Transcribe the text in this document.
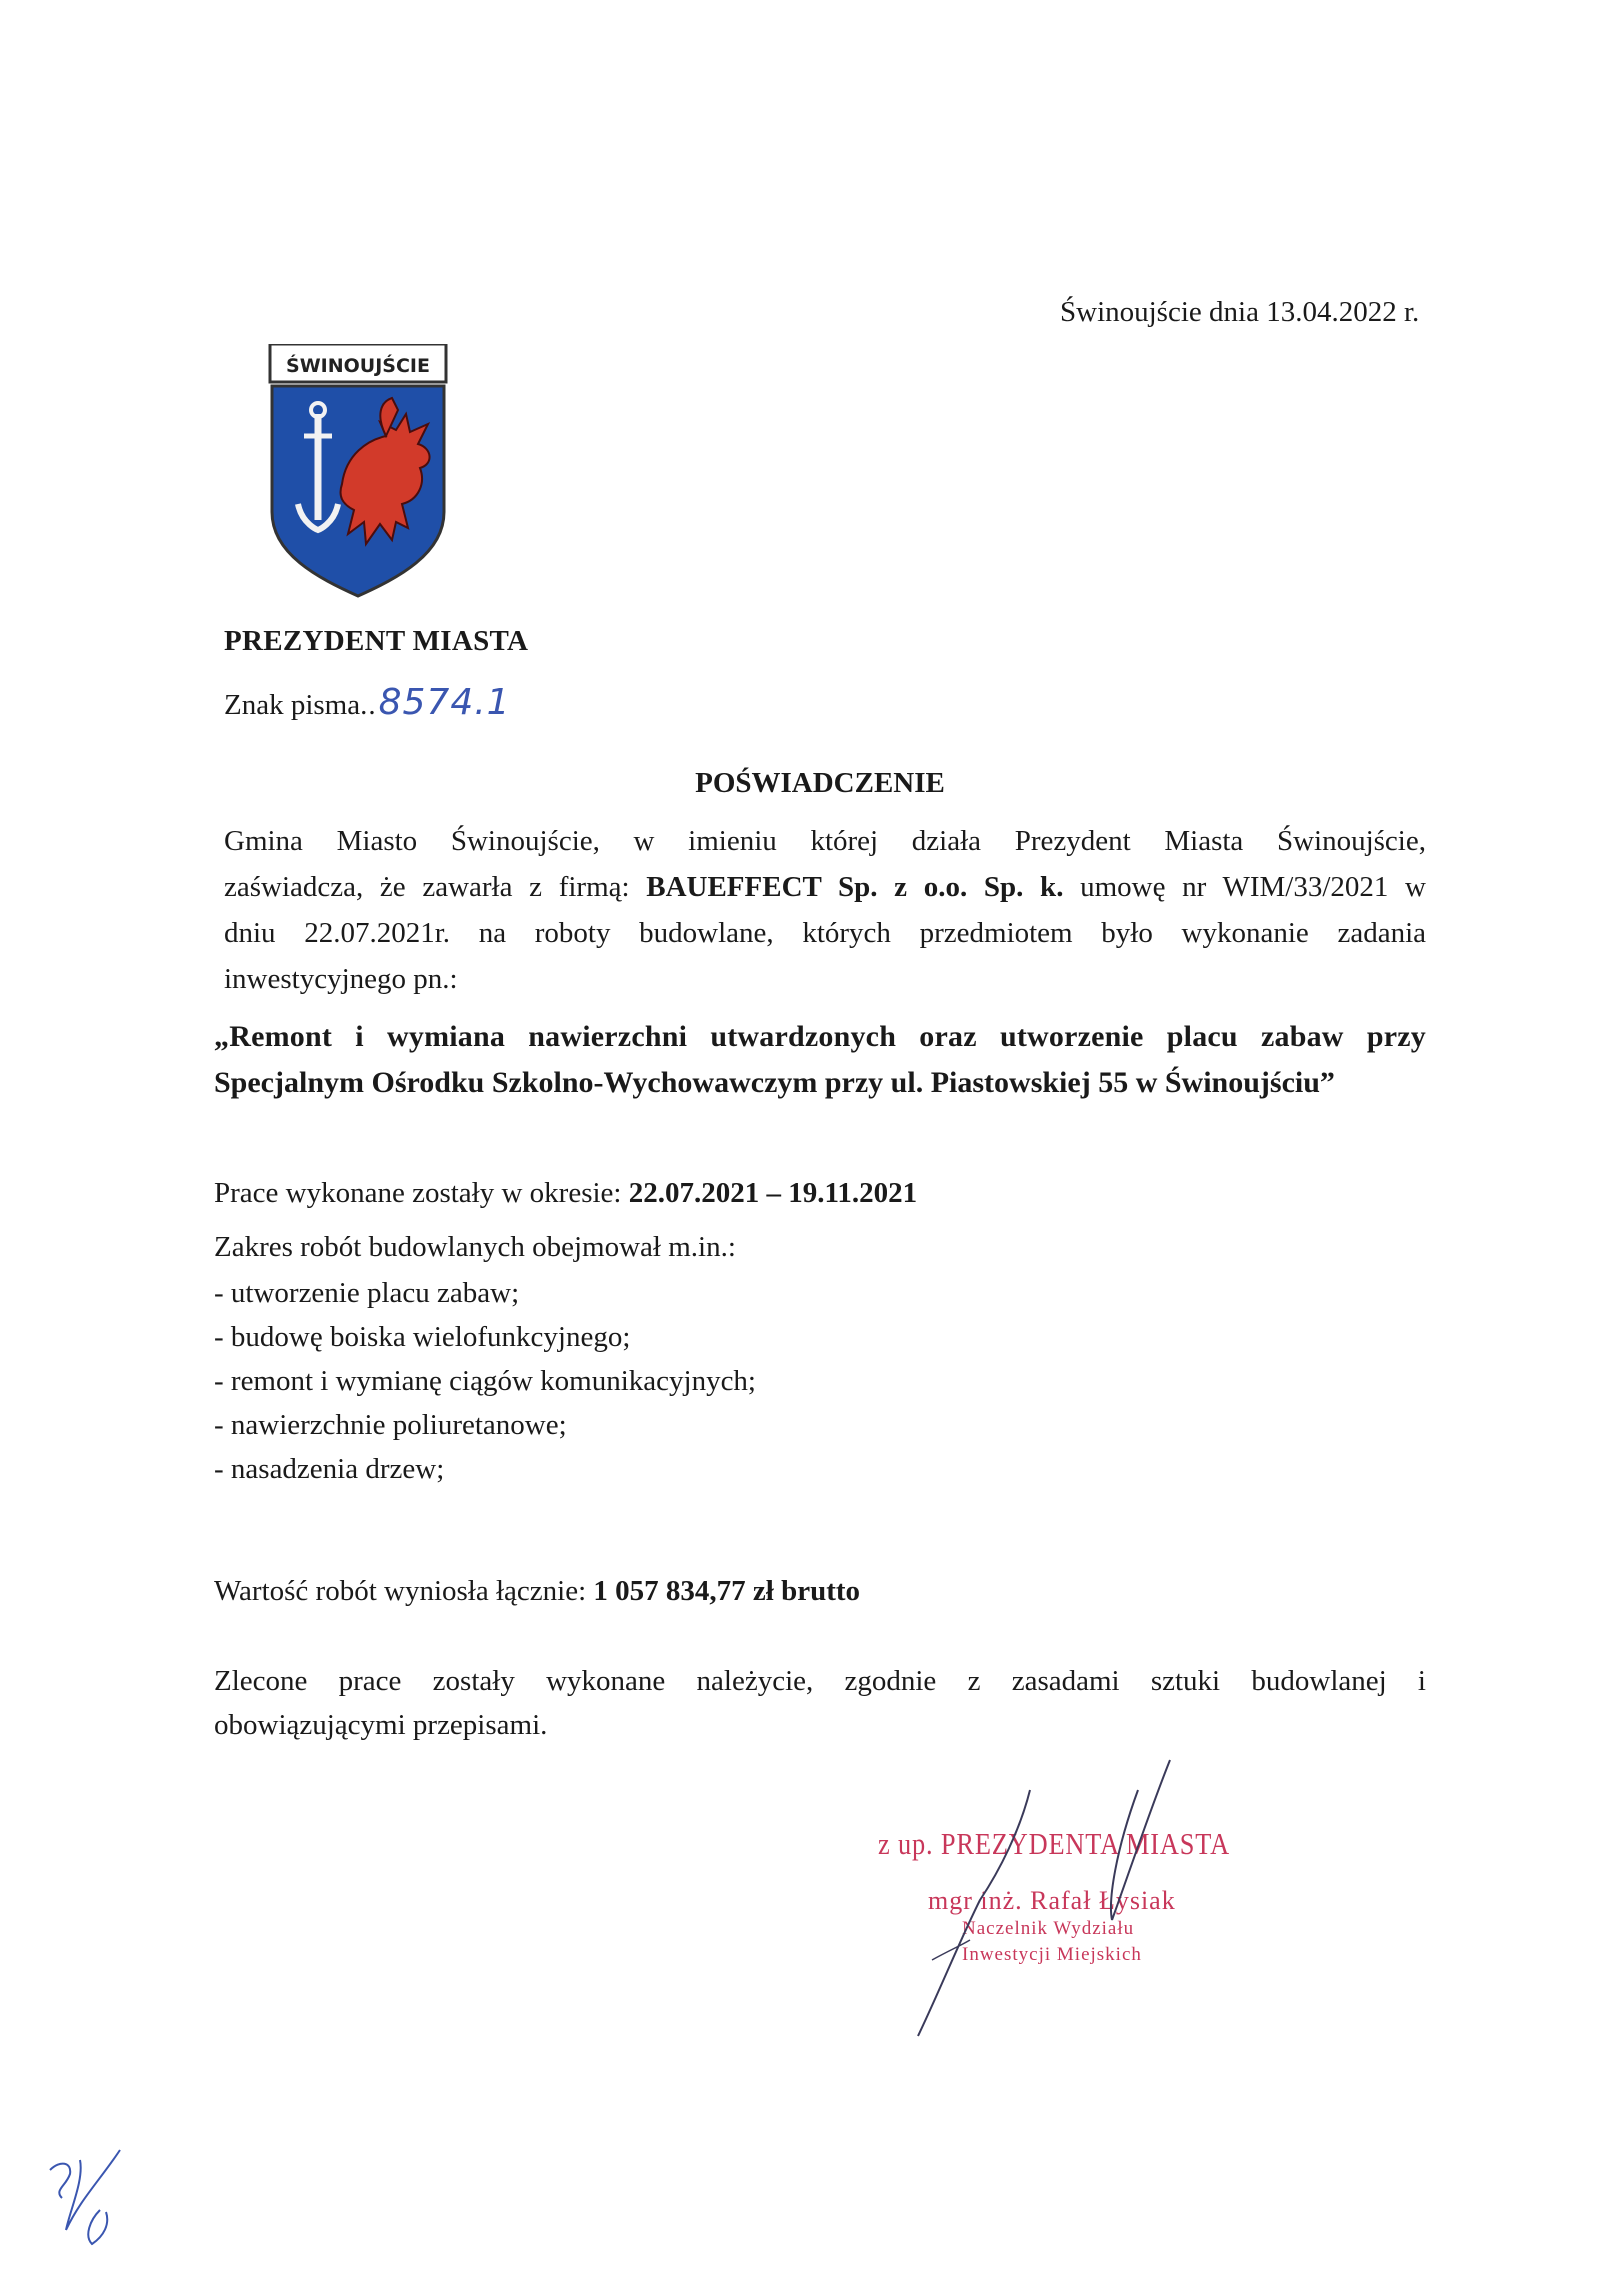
Świnoujście dnia 13.04.2022 r.
ŚWINOUJŚCIE
PREZYDENT MIASTA
Znak pisma..8574.1
POŚWIADCZENIE
Gmina Miasto Świnoujście, w imieniu której działa Prezydent Miasta Świnoujście,
zaświadcza, że zawarła z firmą: BAUEFFECT Sp. z o.o. Sp. k. umowę nr WIM/33/2021 w
dniu 22.07.2021r. na roboty budowlane, których przedmiotem było wykonanie zadania
inwestycyjnego pn.:
„Remont i wymiana nawierzchni utwardzonych oraz utworzenie placu zabaw przy
Specjalnym Ośrodku Szkolno-Wychowawczym przy ul. Piastowskiej 55 w Świnoujściu”
Prace wykonane zostały w okresie: 22.07.2021 – 19.11.2021
Zakres robót budowlanych obejmował m.in.:
- utworzenie placu zabaw;
- budowę boiska wielofunkcyjnego;
- remont i wymianę ciągów komunikacyjnych;
- nawierzchnie poliuretanowe;
- nasadzenia drzew;
Wartość robót wyniosła łącznie: 1 057 834,77 zł brutto
Zlecone prace zostały wykonane należycie, zgodnie z zasadami sztuki budowlanej i
obowiązującymi przepisami.
z up. PREZYDENTA MIASTA
mgr inż. Rafał Łysiak
Naczelnik Wydziału
Inwestycji Miejskich
